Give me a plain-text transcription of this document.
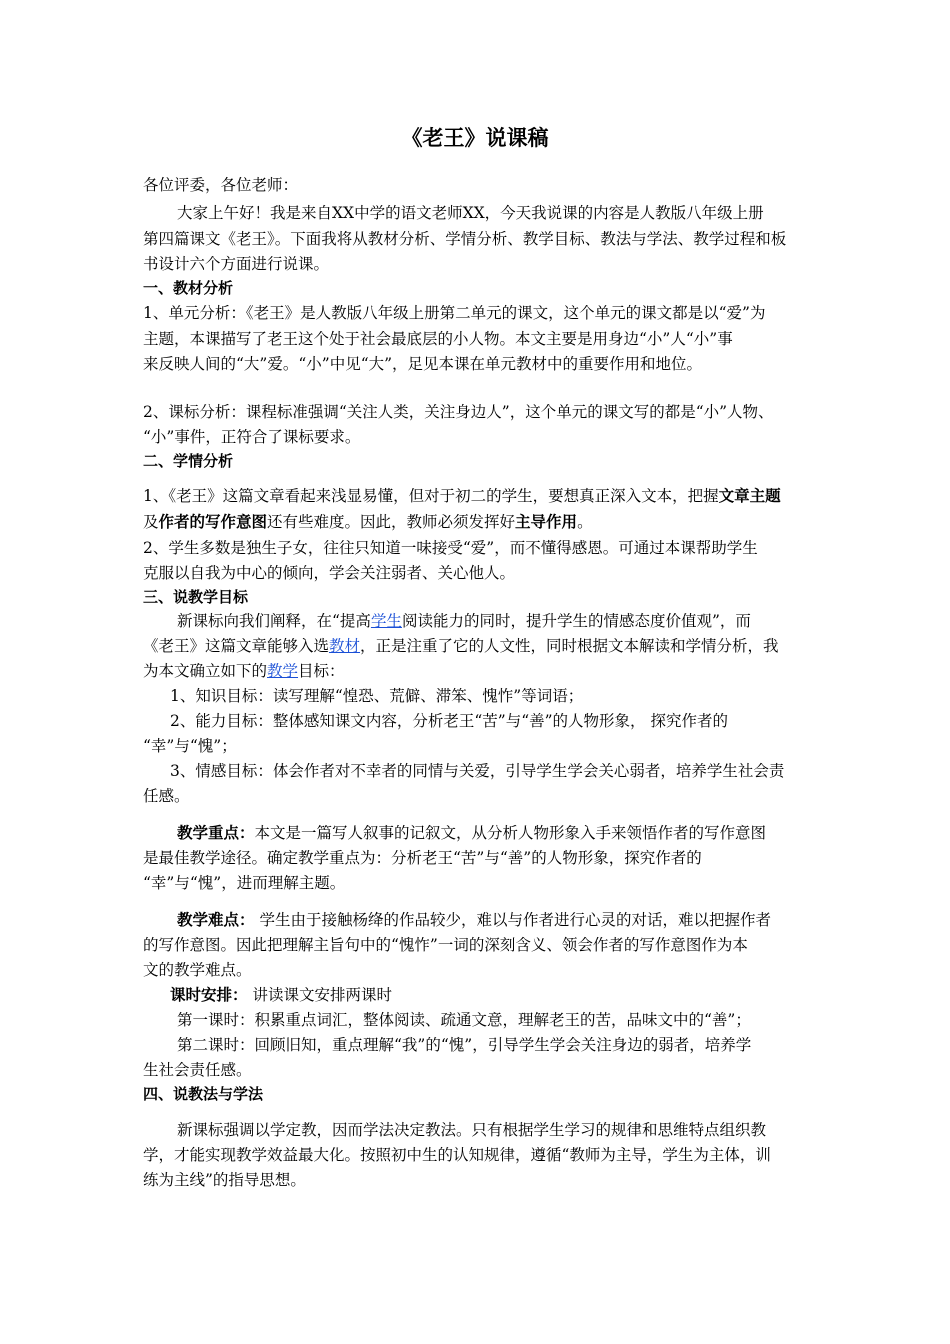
《老王》说课稿
各位评委，各位老师：
大家上午好！我是来自XX中学的语文老师XX，今天我说课的内容是人教版八年级上册
第四篇课文《老王》。下面我将从教材分析、学情分析、教学目标、教法与学法、教学过程和板
书设计六个方面进行说课。
一、教材分析
1、单元分析：《老王》是人教版八年级上册第二单元的课文，这个单元的课文都是以“爱”为
主题，本课描写了老王这个处于社会最底层的小人物。本文主要是用身边“小”人“小”事
来反映人间的“大”爱。“小”中见“大”，足见本课在单元教材中的重要作用和地位。
2、课标分析：课程标准强调“关注人类，关注身边人”，这个单元的课文写的都是“小”人物、
“小”事件，正符合了课标要求。
二、学情分析
1、《老王》这篇文章看起来浅显易懂，但对于初二的学生，要想真正深入文本，把握文章主题
及作者的写作意图还有些难度。因此，教师必须发挥好主导作用。
2、学生多数是独生子女，往往只知道一味接受“爱”，而不懂得感恩。可通过本课帮助学生
克服以自我为中心的倾向，学会关注弱者、关心他人。
三、说教学目标
新课标向我们阐释，在“提高学生阅读能力的同时，提升学生的情感态度价值观”，而
《老王》这篇文章能够入选教材，正是注重了它的人文性，同时根据文本解读和学情分析，我
为本文确立如下的教学目标：
1、知识目标：读写理解“惶恐、荒僻、滞笨、愧怍”等词语；
2、能力目标：整体感知课文内容，分析老王“苦”与“善”的人物形象， 探究作者的
“幸”与“愧”；
3、情感目标：体会作者对不幸者的同情与关爱，引导学生学会关心弱者，培养学生社会责
任感。
教学重点：本文是一篇写人叙事的记叙文，从分析人物形象入手来领悟作者的写作意图
是最佳教学途径。确定教学重点为：分析老王“苦”与“善”的人物形象，探究作者的
“幸”与“愧”，进而理解主题。
教学难点： 学生由于接触杨绛的作品较少，难以与作者进行心灵的对话，难以把握作者
的写作意图。因此把理解主旨句中的“愧怍”一词的深刻含义、领会作者的写作意图作为本
文的教学难点。
课时安排： 讲读课文安排两课时
第一课时：积累重点词汇，整体阅读、疏通文意，理解老王的苦，品味文中的“善”；
第二课时：回顾旧知，重点理解“我”的“愧”，引导学生学会关注身边的弱者，培养学
生社会责任感。
四、说教法与学法
新课标强调以学定教，因而学法决定教法。只有根据学生学习的规律和思维特点组织教
学，才能实现教学效益最大化。按照初中生的认知规律，遵循“教师为主导，学生为主体，训
练为主线”的指导思想。
